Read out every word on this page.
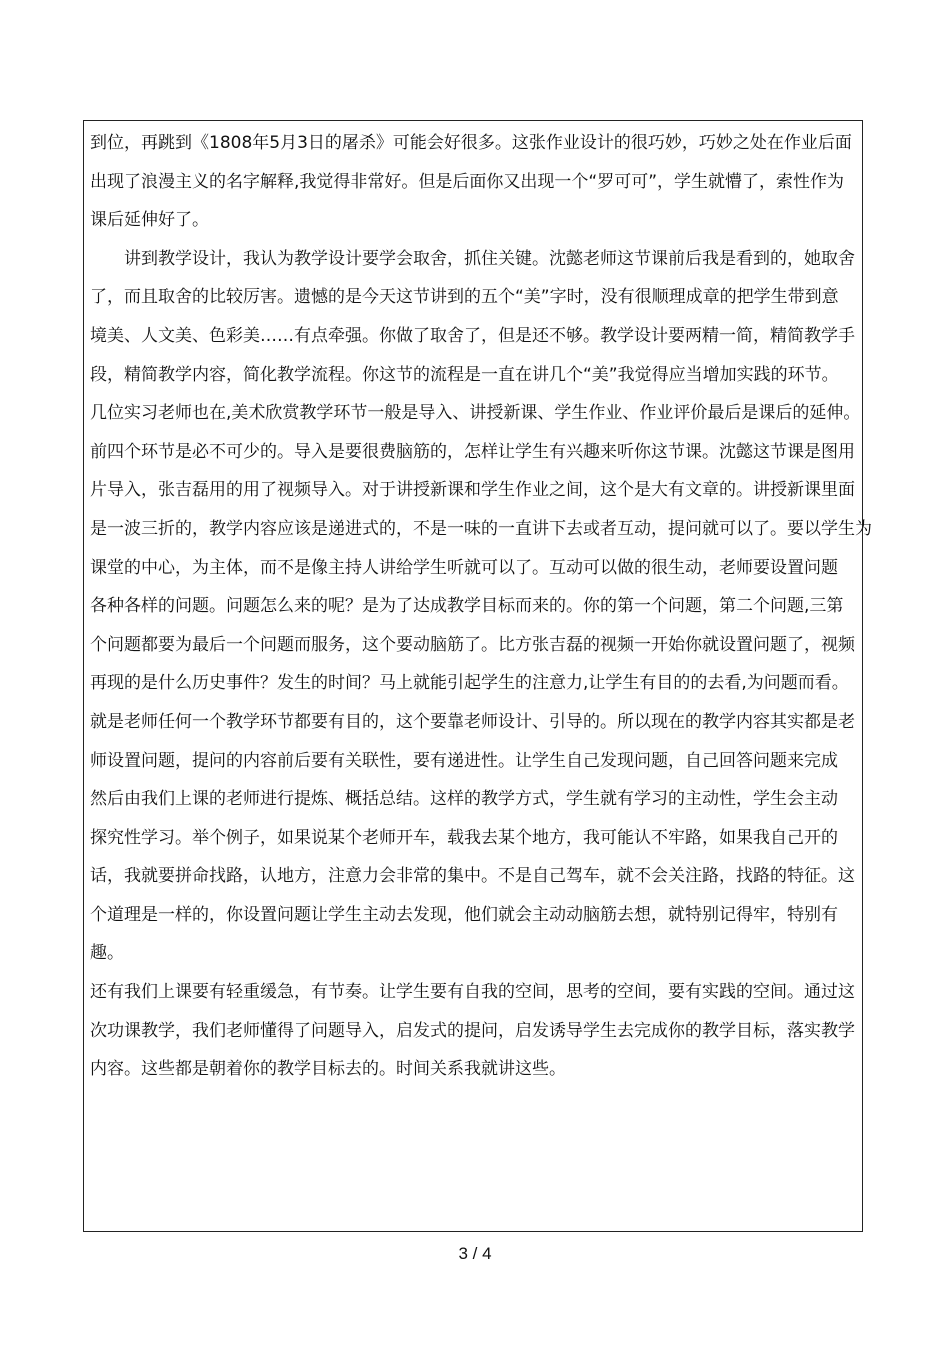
到位，再跳到《1808年5月3日的屠杀》可能会好很多。这张作业设计的很巧妙，巧妙之处在作业后面
出现了浪漫主义的名字解释,我觉得非常好。但是后面你又出现一个“罗可可”，学生就懵了，索性作为
课后延伸好了。
讲到教学设计，我认为教学设计要学会取舍，抓住关键。沈懿老师这节课前后我是看到的，她取舍
了，而且取舍的比较厉害。遗憾的是今天这节讲到的五个“美”字时，没有很顺理成章的把学生带到意
境美、人文美、色彩美……有点牵强。你做了取舍了，但是还不够。教学设计要两精一简，精简教学手
段，精简教学内容，简化教学流程。你这节的流程是一直在讲几个“美”我觉得应当增加实践的环节。
几位实习老师也在,美术欣赏教学环节一般是导入、讲授新课、学生作业、作业评价最后是课后的延伸。
前四个环节是必不可少的。导入是要很费脑筋的，怎样让学生有兴趣来听你这节课。沈懿这节课是图用
片导入，张吉磊用的用了视频导入。对于讲授新课和学生作业之间，这个是大有文章的。讲授新课里面
是一波三折的，教学内容应该是递进式的，不是一味的一直讲下去或者互动，提问就可以了。要以学生为
课堂的中心，为主体，而不是像主持人讲给学生听就可以了。互动可以做的很生动，老师要设置问题
各种各样的问题。问题怎么来的呢？是为了达成教学目标而来的。你的第一个问题，第二个问题,三第
个问题都要为最后一个问题而服务，这个要动脑筋了。比方张吉磊的视频一开始你就设置问题了，视频
再现的是什么历史事件？发生的时间？马上就能引起学生的注意力,让学生有目的的去看,为问题而看。
就是老师任何一个教学环节都要有目的，这个要靠老师设计、引导的。所以现在的教学内容其实都是老
师设置问题，提问的内容前后要有关联性，要有递进性。让学生自己发现问题，自己回答问题来完成
然后由我们上课的老师进行提炼、概括总结。这样的教学方式，学生就有学习的主动性，学生会主动
探究性学习。举个例子，如果说某个老师开车，载我去某个地方，我可能认不牢路，如果我自己开的
话，我就要拼命找路，认地方，注意力会非常的集中。不是自己驾车，就不会关注路，找路的特征。这
个道理是一样的，你设置问题让学生主动去发现，他们就会主动动脑筋去想，就特别记得牢，特别有
趣。
还有我们上课要有轻重缓急，有节奏。让学生要有自我的空间，思考的空间，要有实践的空间。通过这
次功课教学，我们老师懂得了问题导入，启发式的提问，启发诱导学生去完成你的教学目标，落实教学
内容。这些都是朝着你的教学目标去的。时间关系我就讲这些。
3 / 4
